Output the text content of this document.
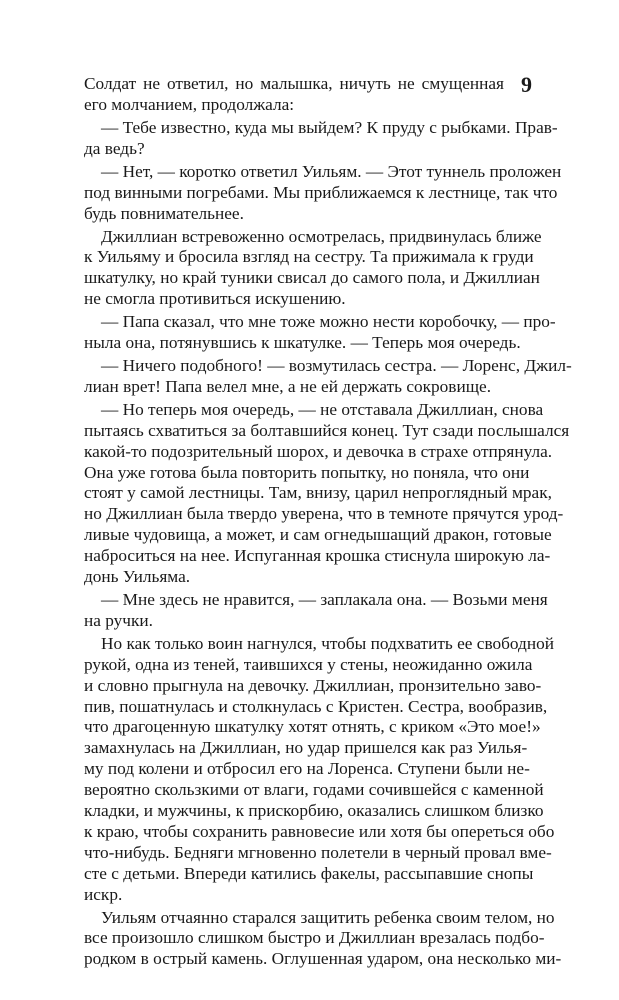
9
Солдат не ответил, но малышка, ничуть не смущенная
его молчанием, продолжала:
— Тебе известно, куда мы выйдем? К пруду с рыбками. Прав-
да ведь?
— Нет, — коротко ответил Уильям. — Этот туннель проложен
под винными погребами. Мы приближаемся к лестнице, так что
будь повнимательнее.
Джиллиан встревоженно осмотрелась, придвинулась ближе
к Уильяму и бросила взгляд на сестру. Та прижимала к груди
шкатулку, но край туники свисал до самого пола, и Джиллиан
не смогла противиться искушению.
— Папа сказал, что мне тоже можно нести коробочку, — про-
ныла она, потянувшись к шкатулке. — Теперь моя очередь.
— Ничего подобного! — возмутилась сестра. — Лоренс, Джил-
лиан врет! Папа велел мне, а не ей держать сокровище.
— Но теперь моя очередь, — не отставала Джиллиан, снова
пытаясь схватиться за болтавшийся конец. Тут сзади послышался
какой-то подозрительный шорох, и девочка в страхе отпрянула.
Она уже готова была повторить попытку, но поняла, что они
стоят у самой лестницы. Там, внизу, царил непроглядный мрак,
но Джиллиан была твердо уверена, что в темноте прячутся урод-
ливые чудовища, а может, и сам огнедышащий дракон, готовые
наброситься на нее. Испуганная крошка стиснула широкую ла-
донь Уильяма.
— Мне здесь не нравится, — заплакала она. — Возьми меня
на ручки.
Но как только воин нагнулся, чтобы подхватить ее свободной
рукой, одна из теней, таившихся у стены, неожиданно ожила
и словно прыгнула на девочку. Джиллиан, пронзительно заво-
пив, пошатнулась и столкнулась с Кристен. Сестра, вообразив,
что драгоценную шкатулку хотят отнять, с криком «Это мое!»
замахнулась на Джиллиан, но удар пришелся как раз Уилья-
му под колени и отбросил его на Лоренса. Ступени были не-
вероятно скользкими от влаги, годами сочившейся с каменной
кладки, и мужчины, к прискорбию, оказались слишком близко
к краю, чтобы сохранить равновесие или хотя бы опереться обо
что-нибудь. Бедняги мгновенно полетели в черный провал вме-
сте с детьми. Впереди катились факелы, рассыпавшие снопы
искр.
Уильям отчаянно старался защитить ребенка своим телом, но
все произошло слишком быстро и Джиллиан врезалась подбо-
родком в острый камень. Оглушенная ударом, она несколько ми-
